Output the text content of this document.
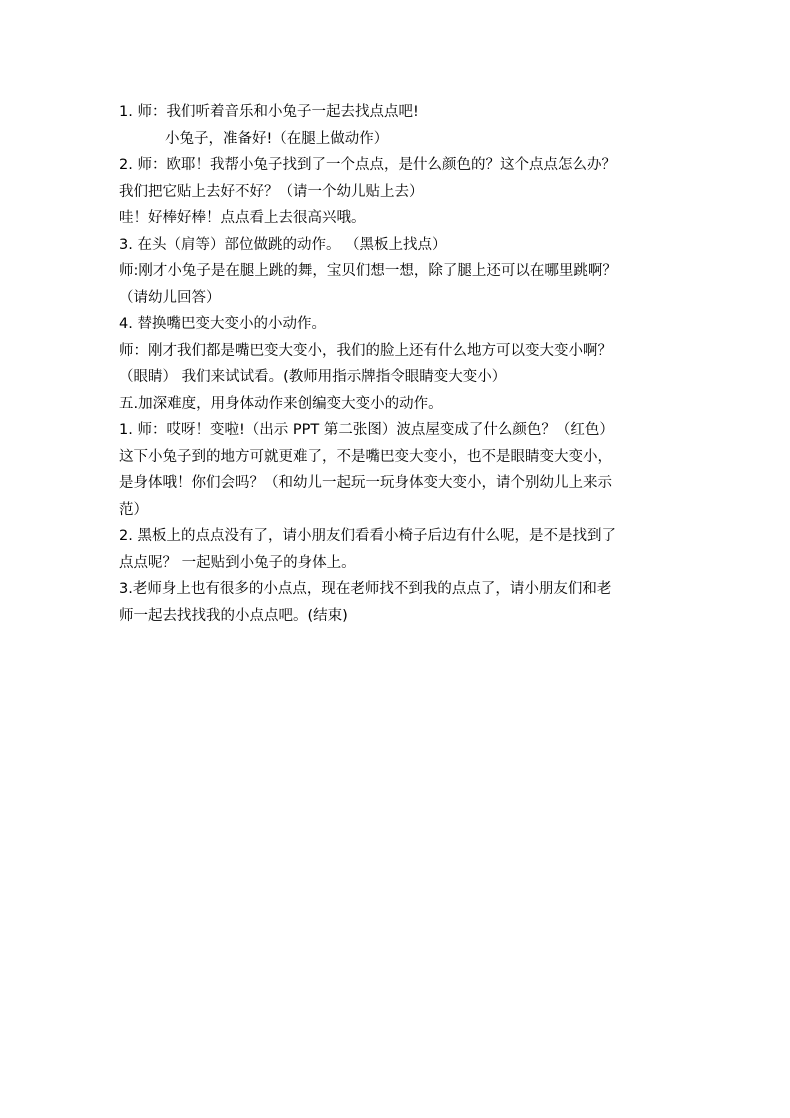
1. 师：我们听着音乐和小兔子一起去找点点吧!
小兔子，准备好!（在腿上做动作）
2. 师：欧耶！我帮小兔子找到了一个点点，是什么颜色的？这个点点怎么办？
我们把它贴上去好不好？（请一个幼儿贴上去）
哇！好棒好棒！点点看上去很高兴哦。
3. 在头（肩等）部位做跳的动作。 （黑板上找点）
师:刚才小兔子是在腿上跳的舞，宝贝们想一想，除了腿上还可以在哪里跳啊？
（请幼儿回答）
4. 替换嘴巴变大变小的小动作。
师：刚才我们都是嘴巴变大变小，我们的脸上还有什么地方可以变大变小啊？
（眼睛） 我们来试试看。(教师用指示牌指令眼睛变大变小）
五.加深难度，用身体动作来创编变大变小的动作。
1. 师：哎呀！变啦!（出示 PPT 第二张图）波点屋变成了什么颜色？（红色）
这下小兔子到的地方可就更难了，不是嘴巴变大变小，也不是眼睛变大变小，
是身体哦！你们会吗？（和幼儿一起玩一玩身体变大变小，请个别幼儿上来示
范）
2. 黑板上的点点没有了，请小朋友们看看小椅子后边有什么呢，是不是找到了
点点呢？ 一起贴到小兔子的身体上。
3.老师身上也有很多的小点点，现在老师找不到我的点点了，请小朋友们和老
师一起去找找我的小点点吧。(结束)
